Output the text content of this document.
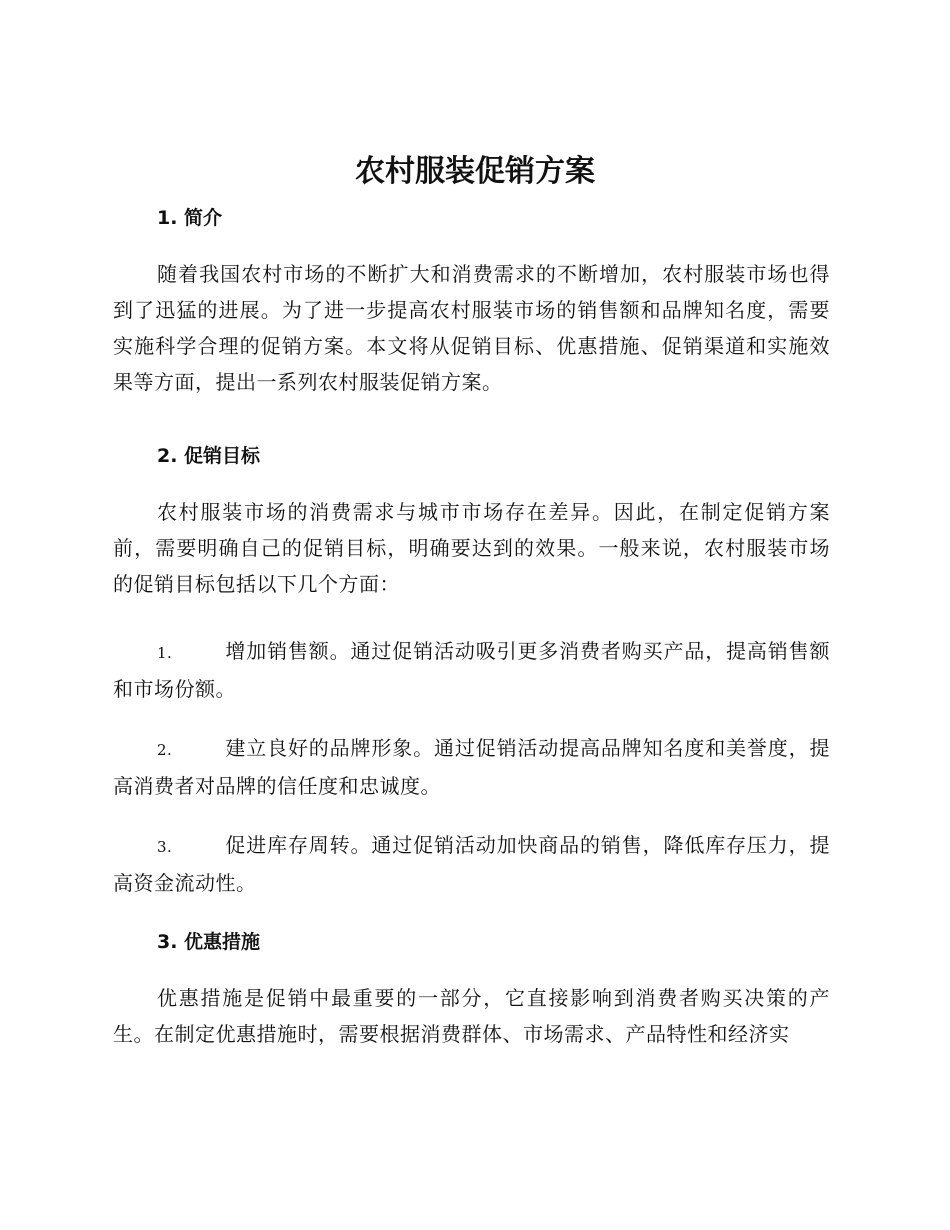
农村服装促销方案
1. 简介

随着我国农村市场的不断扩大和消费需求的不断增加，农村服装市场也得到了迅猛的进展。为了进一步提高农村服装市场的销售额和品牌知名度，需要实施科学合理的促销方案。本文将从促销目标、优惠措施、促销渠道和实施效果等方面，提出一系列农村服装促销方案。

2. 促销目标

农村服装市场的消费需求与城市市场存在差异。因此，在制定促销方案前，需要明确自己的促销目标，明确要达到的效果。一般来说，农村服装市场的促销目标包括以下几个方面：

1.	增加销售额。通过促销活动吸引更多消费者购买产品，提高销售额和市场份额。

2.	建立良好的品牌形象。通过促销活动提高品牌知名度和美誉度，提高消费者对品牌的信任度和忠诚度。

3.	促进库存周转。通过促销活动加快商品的销售，降低库存压力，提高资金流动性。

3. 优惠措施

优惠措施是促销中最重要的一部分，它直接影响到消费者购买决策的产生。在制定优惠措施时，需要根据消费群体、市场需求、产品特性和经济实
